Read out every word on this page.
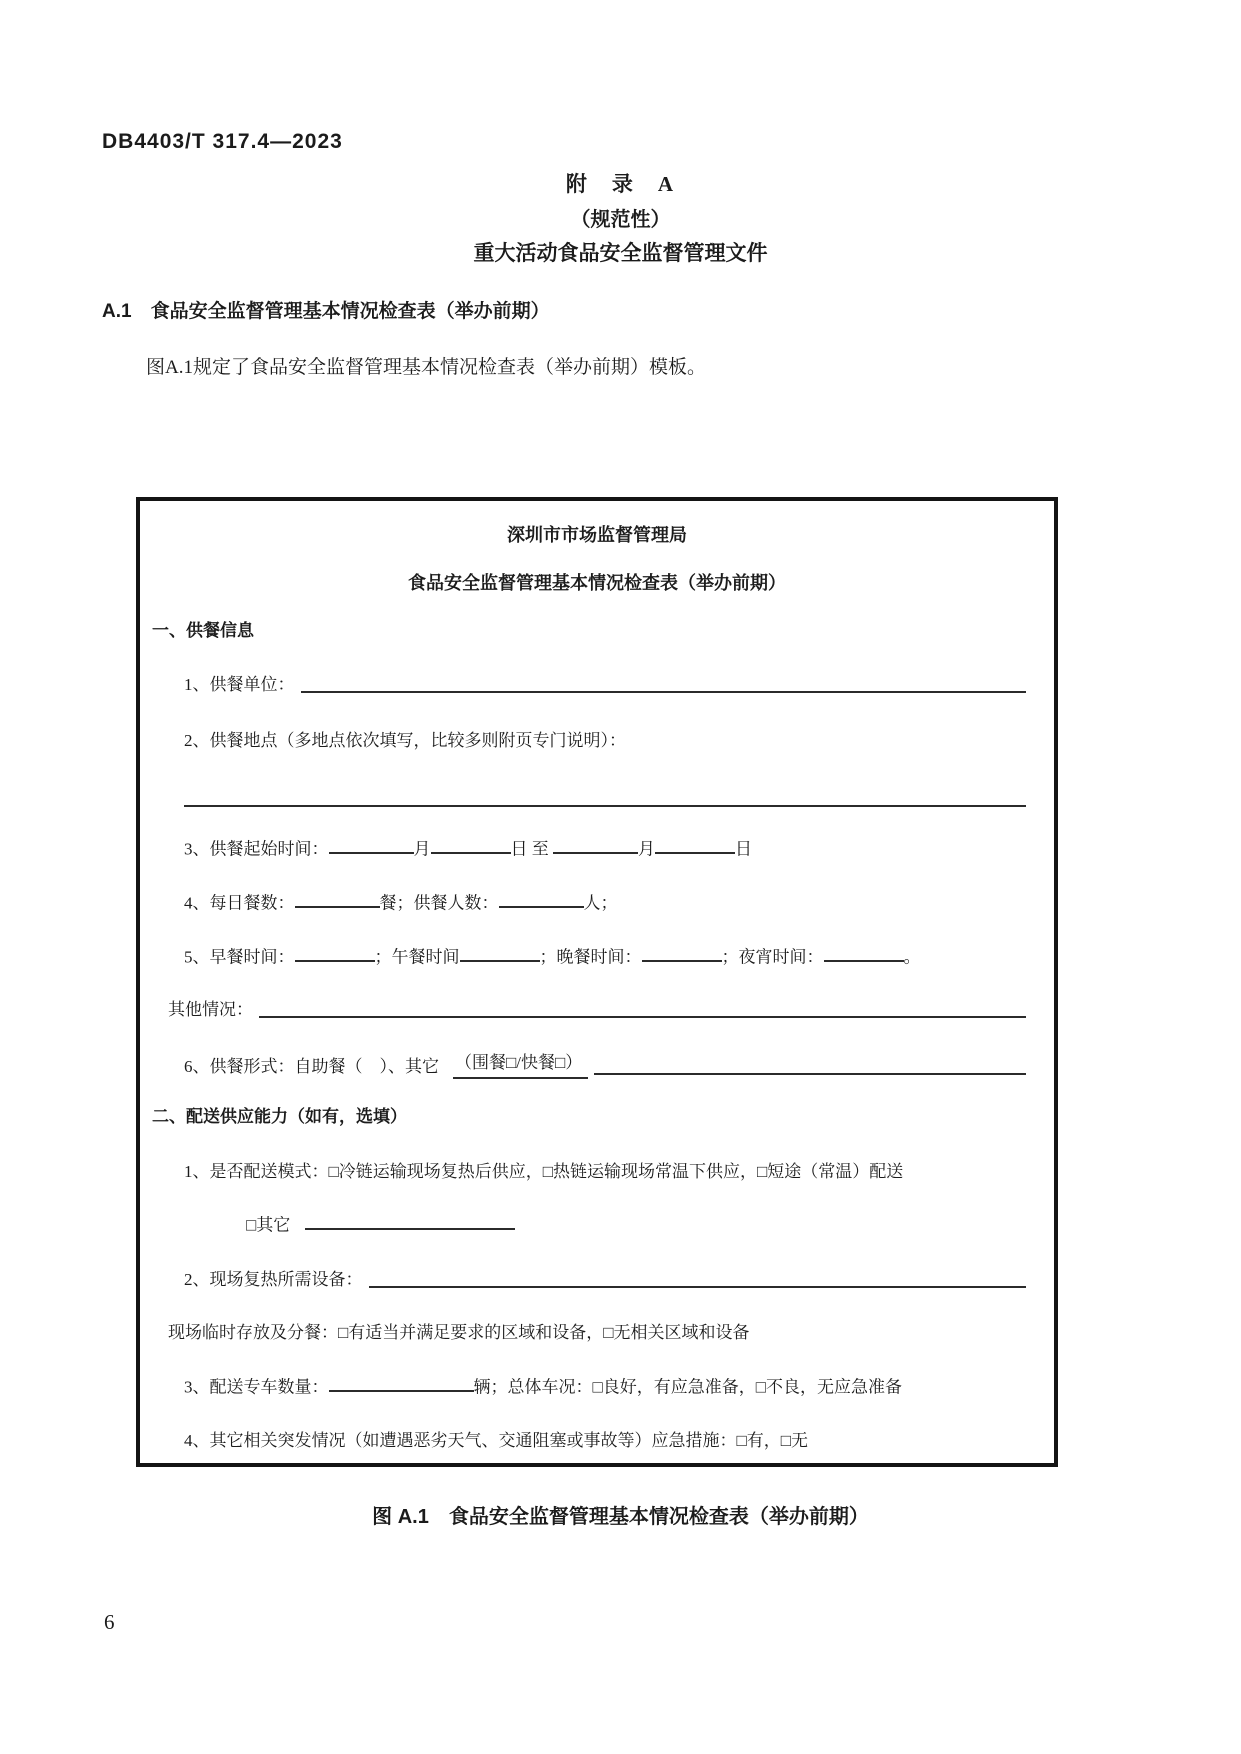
DB4403/T 317.4—2023
附　录　A
（规范性）
重大活动食品安全监督管理文件
A.1　食品安全监督管理基本情况检查表（举办前期）
图A.1规定了食品安全监督管理基本情况检查表（举办前期）模板。
深圳市市场监督管理局
食品安全监督管理基本情况检查表（举办前期）
一、供餐信息
1、供餐单位：
2、供餐地点（多地点依次填写，比较多则附页专门说明）：
3、供餐起始时间：	月	日 至	月	日
4、每日餐数：	餐；供餐人数：	人；
5、早餐时间：	；午餐时间	；晚餐时间：	；夜宵时间：	。
其他情况：
6、供餐形式：自助餐（　）、其它 （围餐□/快餐□）
二、配送供应能力（如有，选填）
1、是否配送模式：□冷链运输现场复热后供应，□热链运输现场常温下供应，□短途（常温）配送
□其它
2、现场复热所需设备：
现场临时存放及分餐：□有适当并满足要求的区域和设备，□无相关区域和设备
3、配送专车数量：	辆；总体车况：□良好，有应急准备，□不良，无应急准备
4、其它相关突发情况（如遭遇恶劣天气、交通阻塞或事故等）应急措施：□有，□无
图 A.1　食品安全监督管理基本情况检查表（举办前期）
6
